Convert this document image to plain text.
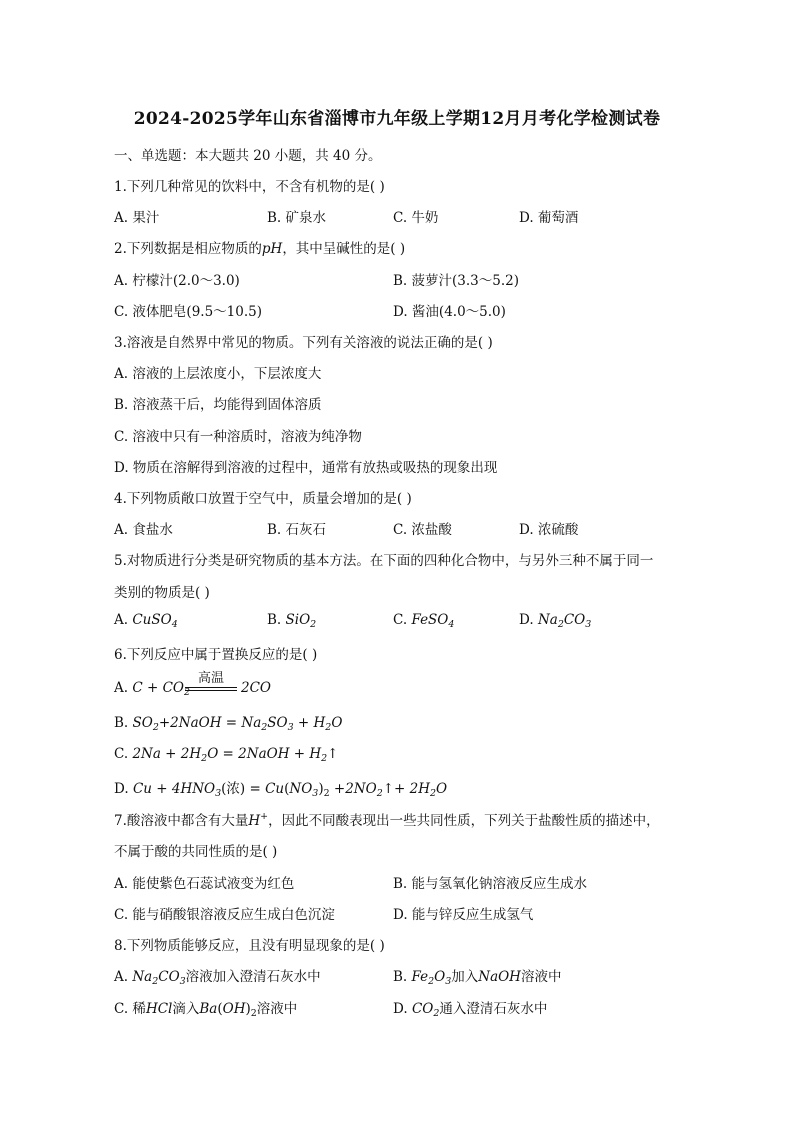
2024-2025学年山东省淄博市九年级上学期12月月考化学检测试卷
一、单选题：本大题共 20 小题，共 40 分。
1.下列几种常见的饮料中，不含有机物的是( )
A. 果汁	B. 矿泉水	C. 牛奶	D. 葡萄酒
2.下列数据是相应物质的pH，其中呈碱性的是( )
A. 柠檬汁(2.0～3.0)	B. 菠萝汁(3.3～5.2)
C. 液体肥皂(9.5～10.5)	D. 酱油(4.0～5.0)
3.溶液是自然界中常见的物质。下列有关溶液的说法正确的是( )
A. 溶液的上层浓度小，下层浓度大
B. 溶液蒸干后，均能得到固体溶质
C. 溶液中只有一种溶质时，溶液为纯净物
D. 物质在溶解得到溶液的过程中，通常有放热或吸热的现象出现
4.下列物质敞口放置于空气中，质量会增加的是( )
A. 食盐水	B. 石灰石	C. 浓盐酸	D. 浓硫酸
5.对物质进行分类是研究物质的基本方法。在下面的四种化合物中，与另外三种不属于同一
类别的物质是( )
A. CuSO$_4$	B. SiO$_2$	C. FeSO$_4$	D. $Na_2CO_3$
6.下列反应中属于置换反应的是( )
A. $C + CO_2$
高温
2CO
B. $SO_2+2NaOH = Na_2SO_3 + H_2O$
C. $2Na + 2H_2O$ = 2NaOH + $H_2↑$
D. $Cu + 4HNO_3$(浓) = $Cu(NO_3)_2$ $+2NO_2↑+ 2H_2O$
7.酸溶液中都含有大量H+，因此不同酸表现出一些共同性质，下列关于盐酸性质的描述中，
不属于酸的共同性质的是( )
A. 能使紫色石蕊试液变为红色	B. 能与氢氧化钠溶液反应生成水
C. 能与硝酸银溶液反应生成白色沉淀	D. 能与锌反应生成氢气
8.下列物质能够反应，且没有明显现象的是( )
A. $Na_2CO_3$溶液加入澄清石灰水中	B. $Fe_2O_3$加入NaOH溶液中
C. 稀HCl滴入$Ba(OH)_2$溶液中	D. $CO_2$通入澄清石灰水中
